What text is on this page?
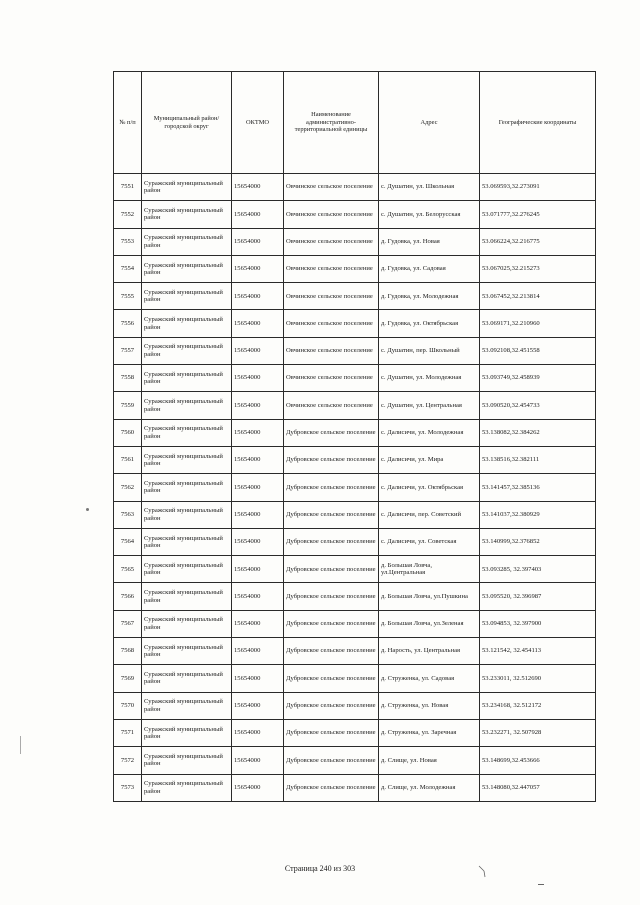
№ п/п	Муниципальный район/городской округ	ОКТМО	Наименование административно-территориальной единицы	Адрес	Географические координаты
7551	Суражский муниципальный район	15654000	Овчинское сельское поселение	с. Душатин, ул. Школьная	53.069593,32.273091
7552	Суражский муниципальный район	15654000	Овчинское сельское поселение	с. Душатин, ул. Белорусская	53.071777,32.276245
7553	Суражский муниципальный район	15654000	Овчинское сельское поселение	д. Гудовка, ул. Новая	53.066224,32.216775
7554	Суражский муниципальный район	15654000	Овчинское сельское поселение	д. Гудовка, ул. Садовая	53.067025,32.215273
7555	Суражский муниципальный район	15654000	Овчинское сельское поселение	д. Гудовка, ул. Молодежная	53.067452,32.213814
7556	Суражский муниципальный район	15654000	Овчинское сельское поселение	д. Гудовка, ул. Октябрьская	53.069171,32.210960
7557	Суражский муниципальный район	15654000	Овчинское сельское поселение	с. Душатин, пер. Школьный	53.092108,32.451558
7558	Суражский муниципальный район	15654000	Овчинское сельское поселение	с. Душатин, ул. Молодежная	53.093749,32.458939
7559	Суражский муниципальный район	15654000	Овчинское сельское поселение	с. Душатин, ул. Центральная	53.090520,32.454733
7560	Суражский муниципальный район	15654000	Дубровское сельское поселение	с. Далисичи, ул. Молодежная	53.138082,32.384262
7561	Суражский муниципальный район	15654000	Дубровское сельское поселение	с. Далисичи, ул. Мира	53.138516,32.382111
7562	Суражский муниципальный район	15654000	Дубровское сельское поселение	с. Далисичи, ул. Октябрьская	53.141457,32.385136
7563	Суражский муниципальный район	15654000	Дубровское сельское поселение	с. Далисичи, пер. Советский	53.141037,32.380929
7564	Суражский муниципальный район	15654000	Дубровское сельское поселение	с. Далисичи, ул. Советская	53.140999,32.376852
7565	Суражский муниципальный район	15654000	Дубровское сельское поселение	д. Большая Ловча, ул.Центральная	53.093285, 32.397403
7566	Суражский муниципальный район	15654000	Дубровское сельское поселение	д. Большая Ловча, ул.Пушкина	53.095520, 32.396987
7567	Суражский муниципальный район	15654000	Дубровское сельское поселение	д. Большая Ловча, ул.Зеленая	53.094853, 32.397900
7568	Суражский муниципальный район	15654000	Дубровское сельское поселение	д. Нарость, ул. Центральная	53.121542, 32.454113
7569	Суражский муниципальный район	15654000	Дубровское сельское поселение	д. Струженка, ул. Садовая	53.233011, 32.512690
7570	Суражский муниципальный район	15654000	Дубровское сельское поселение	д. Струженка, ул. Новая	53.234168, 32.512172
7571	Суражский муниципальный район	15654000	Дубровское сельское поселение	д. Струженка, ул. Заречная	53.232271, 32.507928
7572	Суражский муниципальный район	15654000	Дубровское сельское поселение	д. Слище, ул. Новая	53.148699,32.453666
7573	Суражский муниципальный район	15654000	Дубровское сельское поселение	д. Слище, ул. Молодежная	53.148080,32.447057
Страница 240 из 303
